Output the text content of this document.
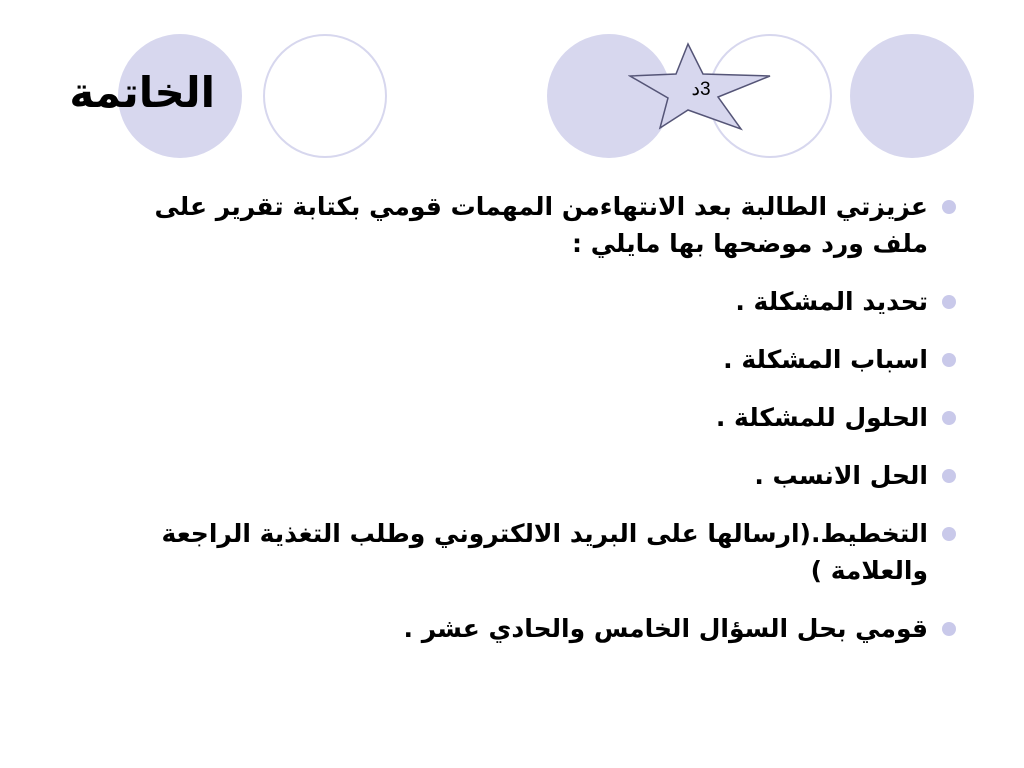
الخاتمة	3د
عزيزتي الطالبة بعد الانتهاءمن المهمات قومي بكتابة تقرير على ملف ورد موضحها بها مايلي :
تحديد المشكلة .
اسباب المشكلة .
الحلول للمشكلة .
الحل الانسب .
التخطيط.(ارسالها على البريد الالكتروني وطلب التغذية الراجعة والعلامة )
قومي بحل السؤال الخامس والحادي عشر .
